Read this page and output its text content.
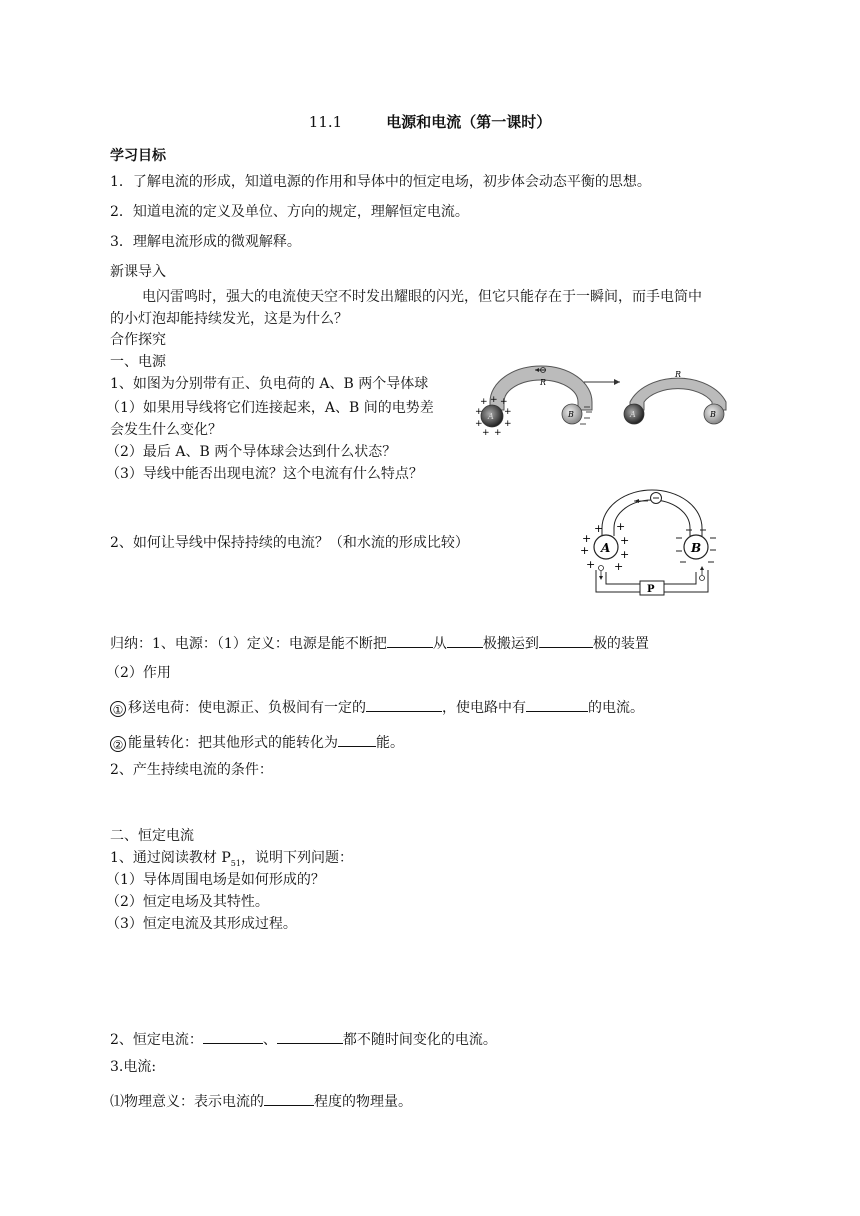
11.1	电源和电流（第一课时）
学习目标
1．了解电流的形成，知道电源的作用和导体中的恒定电场，初步体会动态平衡的思想。
2．知道电流的定义及单位、方向的规定，理解恒定电流。
3．理解电流形成的微观解释。
新课导入
电闪雷鸣时，强大的电流使天空不时发出耀眼的闪光，但它只能存在于一瞬间，而手电筒中
的小灯泡却能持续发光，这是为什么？
合作探究
一、电源
1、如图为分别带有正、负电荷的 A、B 两个导体球
（1）如果用导线将它们连接起来，A、B 间的电势差
会发生什么变化？
（2）最后 A、B 两个导体球会达到什么状态？
（3）导线中能否出现电流？这个电流有什么特点？
R
A
+ + +
+ +
+ +
+ +
B
R
A	B
2、如何让导线中保持持续的电流？（和水流的形成比较）	A	B
+
+
+
+
+
+
+ +
P
归纳：1、电源：（1）定义：电源是能不断把	从	极搬运到	极的装置
（2）作用
① 移送电荷：使电源正、负极间有一定的	，使电路中有	的电流。
② 能量转化：把其他形式的能转化为	能。
2、产生持续电流的条件：
二、恒定电流
1、通过阅读教材 $P_{51}$，说明下列问题：
（1）导体周围电场是如何形成的？
（2）恒定电场及其特性。
（3）恒定电流及其形成过程。
2、恒定电流：	、	都不随时间变化的电流。
3.电流:
⑴物理意义：表示电流的	程度的物理量。
